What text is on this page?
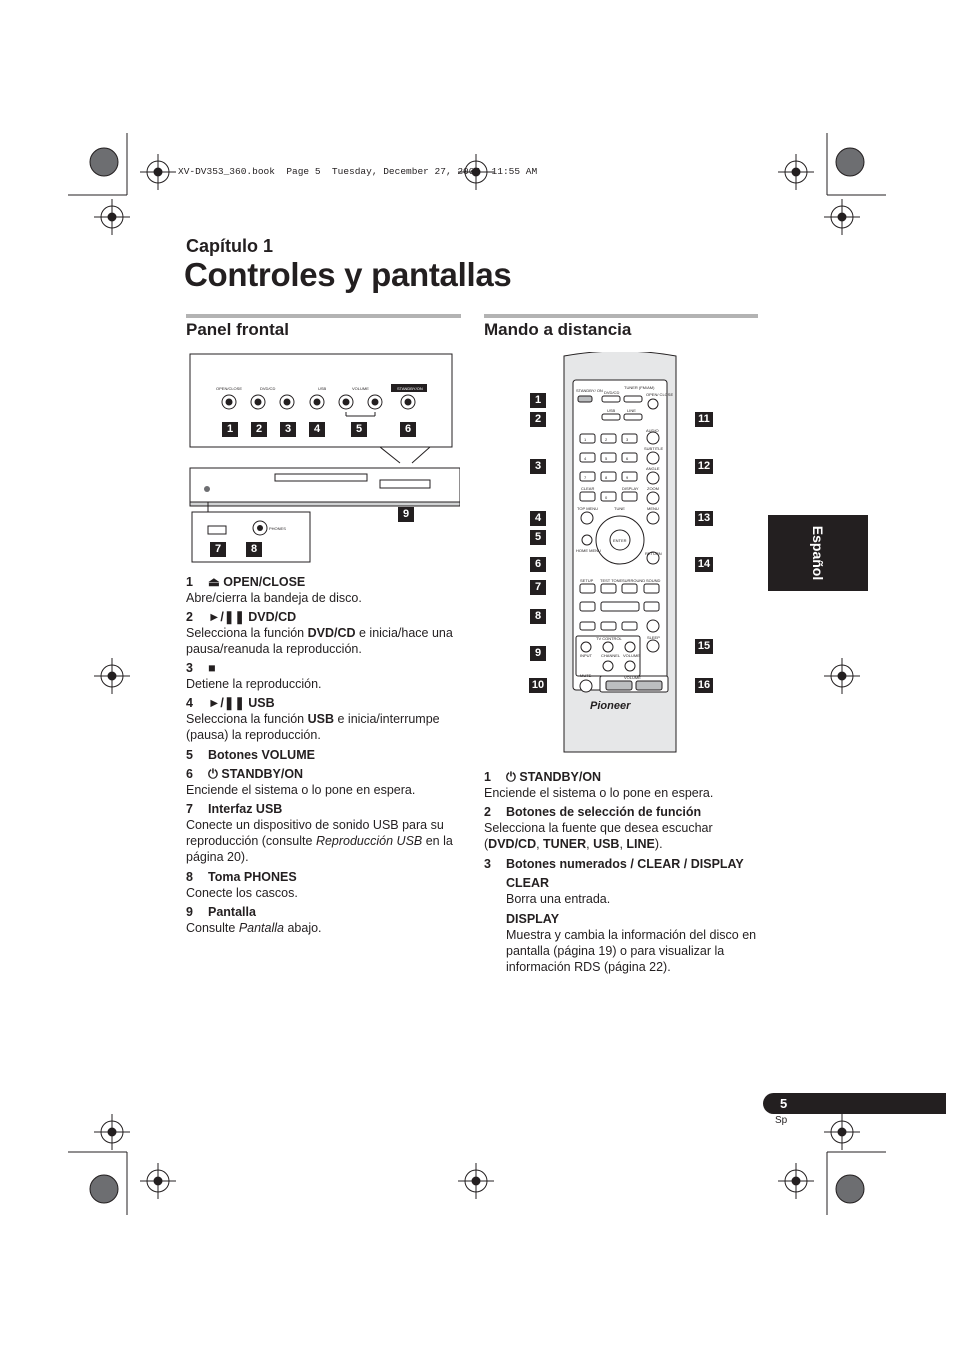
XV-DV353_360.book  Page 5  Tuesday, December 27, 2005  11:55 AM
Capítulo 1
Controles y pantallas
Panel frontal	Mando a distancia
OPEN/CLOSE	DVD/CD	USB	VOLUME	STANDBY/ON
PHONES
1	2	3	4	5	6
9
7	8
1 ⏏ OPEN/CLOSE
Abre/cierra la bandeja de disco.
2 ►/❚❚ DVD/CD
Selecciona la función DVD/CD e inicia/hace una pausa/reanuda la reproducción.
3 ■
Detiene la reproducción.
4 ►/❚❚ USB
Selecciona la función USB e inicia/interrumpe (pausa) la reproducción.
5 Botones VOLUME
6 ⏻ STANDBY/ON
Enciende el sistema o lo pone en espera.
7 Interfaz USB
Conecte un dispositivo de sonido USB para su reproducción (consulte Reproducción USB en la página 20).
8 Toma PHONES
Conecte los cascos.
9 Pantalla
Consulte Pantalla abajo.
STANDBY/ ON
TUNER (FM/AM)
DVD/CD
USB	LINE
OPEN/ CLOSE
1	2	3
4	5	6
7	8	9
0
CLEAR	DISPLAY
AUDIO
SUBTITLE
ANGLE
ZOOM
TOP MENU	MENU
TUNE
ENTER
HOME MENU
RETURN
SETUP TEST TONE SURROUND SOUND
TV CONTROL
INPUT CHANNEL VOLUME
SLEEP
MUTE	VOLUME
Pioneer
1
2
3
4
5
6
7
8
9
10
11
12
13
14
15
16
1 ⏻ STANDBY/ON
Enciende el sistema o lo pone en espera.
2 Botones de selección de función
Selecciona la fuente que desea escuchar (DVD/CD, TUNER, USB, LINE).
3 Botones numerados / CLEAR / DISPLAY
CLEAR
Borra una entrada.
DISPLAY
Muestra y cambia la información del disco en pantalla (página 19) o para visualizar la información RDS (página 22).
Español
5
Sp
